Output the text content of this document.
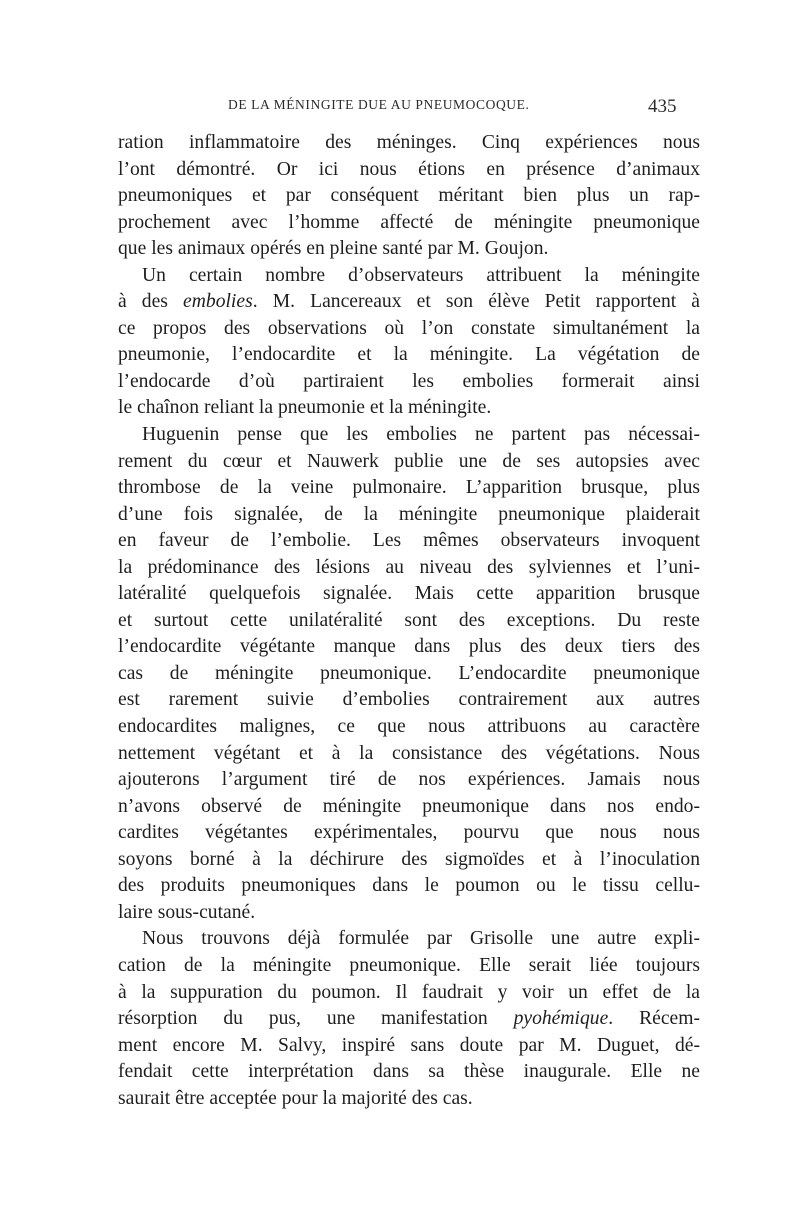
DE LA MÉNINGITE DUE AU PNEUMOCOQUE.	435
ration inflammatoire des méninges. Cinq expériences nous
l’ont démontré. Or ici nous étions en présence d’animaux
pneumoniques et par conséquent méritant bien plus un rap-
prochement avec l’homme affecté de méningite pneumonique
que les animaux opérés en pleine santé par M. Goujon.
Un certain nombre d’observateurs attribuent la méningite
à des embolies. M. Lancereaux et son élève Petit rapportent à
ce propos des observations où l’on constate simultanément la
pneumonie, l’endocardite et la méningite. La végétation de
l’endocarde d’où partiraient les embolies formerait ainsi
le chaînon reliant la pneumonie et la méningite.
Huguenin pense que les embolies ne partent pas nécessai-
rement du cœur et Nauwerk publie une de ses autopsies avec
thrombose de la veine pulmonaire. L’apparition brusque, plus
d’une fois signalée, de la méningite pneumonique plaiderait
en faveur de l’embolie. Les mêmes observateurs invoquent
la prédominance des lésions au niveau des sylviennes et l’uni-
latéralité quelquefois signalée. Mais cette apparition brusque
et surtout cette unilatéralité sont des exceptions. Du reste
l’endocardite végétante manque dans plus des deux tiers des
cas de méningite pneumonique. L’endocardite pneumonique
est rarement suivie d’embolies contrairement aux autres
endocardites malignes, ce que nous attribuons au caractère
nettement végétant et à la consistance des végétations. Nous
ajouterons l’argument tiré de nos expériences. Jamais nous
n’avons observé de méningite pneumonique dans nos endo-
cardites végétantes expérimentales, pourvu que nous nous
soyons borné à la déchirure des sigmoïdes et à l’inoculation
des produits pneumoniques dans le poumon ou le tissu cellu-
laire sous-cutané.
Nous trouvons déjà formulée par Grisolle une autre expli-
cation de la méningite pneumonique. Elle serait liée toujours
à la suppuration du poumon. Il faudrait y voir un effet de la
résorption du pus, une manifestation pyohémique. Récem-
ment encore M. Salvy, inspiré sans doute par M. Duguet, dé-
fendait cette interprétation dans sa thèse inaugurale. Elle ne
saurait être acceptée pour la majorité des cas.
